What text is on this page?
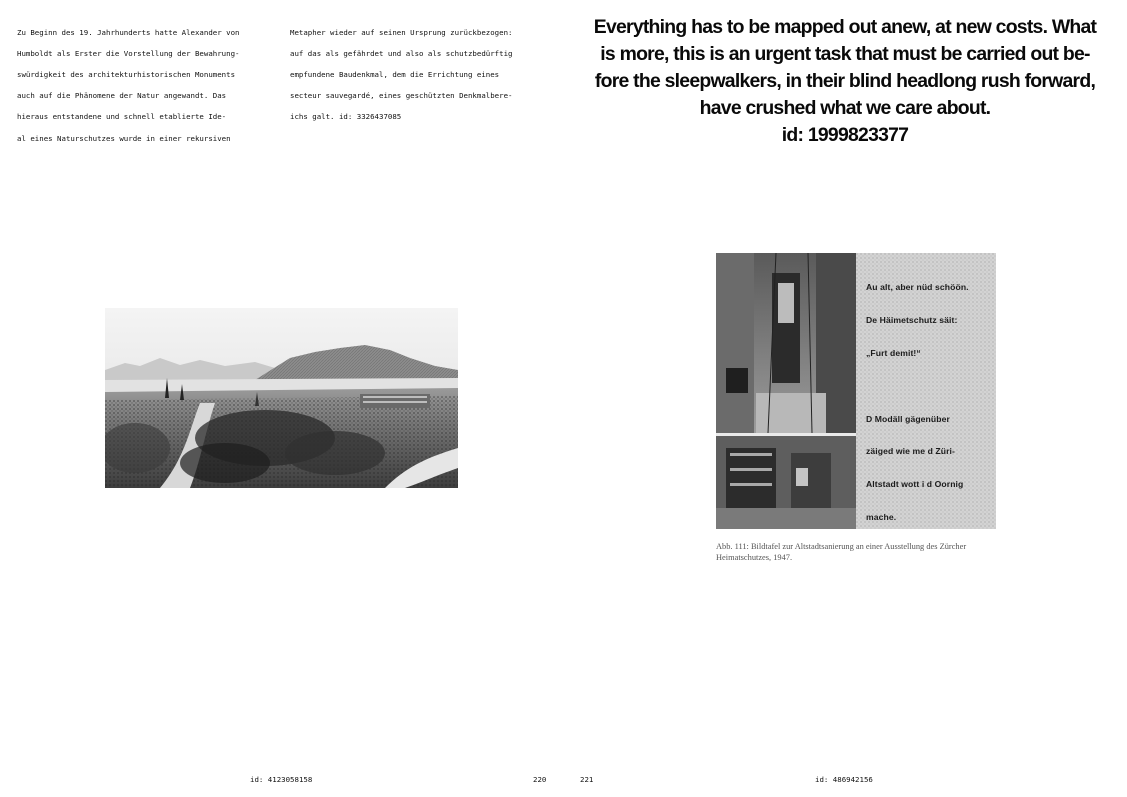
Zu Beginn des 19. Jahrhunderts hatte Alexander von

Humboldt als Erster die Vorstellung der Bewahrung-

swürdigkeit des architekturhistorischen Monuments

auch auf die Phänomene der Natur angewandt. Das

hieraus entstandene und schnell etablierte Ide-

al eines Naturschutzes wurde in einer rekursiven

Metapher wieder auf seinen Ursprung zurückbezogen:

auf das als gefährdet und also als schutzbedürftig

empfundene Baudenkmal, dem die Errichtung eines

secteur sauvegardé, eines geschützten Denkmalbere-

ichs galt. id: 3326437085

Everything has to be mapped out anew, at new costs. What
is more, this is an urgent task that must be carried out be-
fore the sleepwalkers, in their blind headlong rush forward,
have crushed what we care about.
id: 1999823377

Au alt, aber nüd schöön.

De Häimetschutz säit:

„Furt demit!“

D Modäll gägenüber

zäiged wie me d Züri-

Altstadt wott i d Oornig

mache.

Abb. 111: Bildtafel zur Altstadtsanierung an einer Ausstellung des Zürcher
Heimatschutzes, 1947.
id: 4123058158	220	221	id: 486942156
